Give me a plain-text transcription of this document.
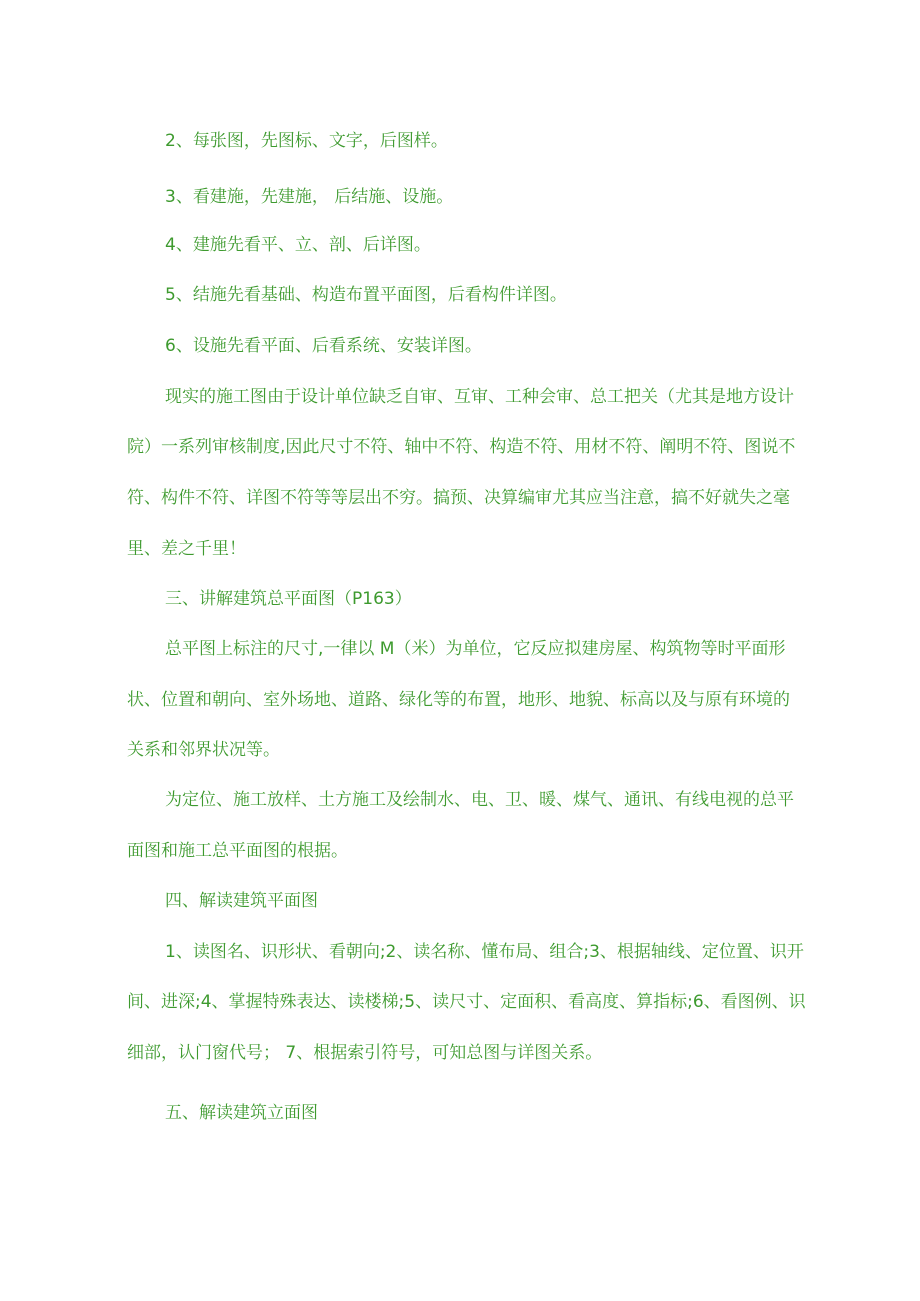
2、每张图，先图标、文字，后图样。
3、看建施，先建施， 后结施、设施。
4、建施先看平、立、剖、后详图。
5、结施先看基础、构造布置平面图，后看构件详图。
6、设施先看平面、后看系统、安装详图。
现实的施工图由于设计单位缺乏自审、互审、工种会审、总工把关（尤其是地方设计
院）一系列审核制度,因此尺寸不符、轴中不符、构造不符、用材不符、阐明不符、图说不
符、构件不符、详图不符等等层出不穷。搞预、决算编审尤其应当注意，搞不好就失之毫
里、差之千里！
三、讲解建筑总平面图（P163）
总平图上标注的尺寸,一律以 M（米）为单位，它反应拟建房屋、构筑物等时平面形
状、位置和朝向、室外场地、道路、绿化等的布置，地形、地貌、标高以及与原有环境的
关系和邻界状况等。
为定位、施工放样、土方施工及绘制水、电、卫、暖、煤气、通讯、有线电视的总平
面图和施工总平面图的根据。
四、解读建筑平面图
1、读图名、识形状、看朝向;2、读名称、懂布局、组合;3、根据轴线、定位置、识开
间、进深;4、掌握特殊表达、读楼梯;5、读尺寸、定面积、看高度、算指标;6、看图例、识
细部，认门窗代号； 7、根据索引符号，可知总图与详图关系。
五、解读建筑立面图
